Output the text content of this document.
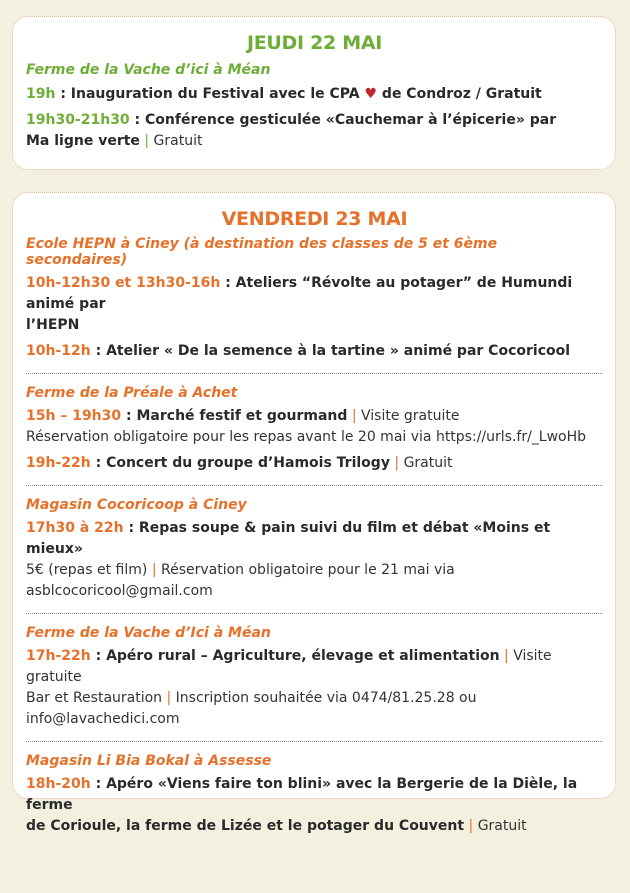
JEUDI 22 MAI

Ferme de la Vache d’ici à Méan

19h : Inauguration du Festival avec le CPA ♥ de Condroz / Gratuit

19h30-21h30 : Conférence gesticulée «Cauchemar à l’épicerie» par
Ma ligne verte | Gratuit

VENDREDI 23 MAI

Ecole HEPN à Ciney (à destination des classes de 5 et 6ème secondaires)

10h-12h30 et 13h30-16h : Ateliers “Révolte au potager” de Humundi animé par
l’HEPN

10h-12h : Atelier « De la semence à la tartine » animé par Cocoricool

Ferme de la Préale à Achet

15h – 19h30 : Marché festif et gourmand | Visite gratuite
Réservation obligatoire pour les repas avant le 20 mai via https://urls.fr/_LwoHb

19h-22h : Concert du groupe d’Hamois Trilogy | Gratuit

Magasin Cocoricoop à Ciney

17h30 à 22h : Repas soupe & pain suivi du film et débat «Moins et mieux»
5€ (repas et film) | Réservation obligatoire pour le 21 mai via
asblcocoricool@gmail.com

Ferme de la Vache d’Ici à Méan

17h-22h : Apéro rural – Agriculture, élevage et alimentation | Visite gratuite
Bar et Restauration | Inscription souhaitée via 0474/81.25.28 ou
info@lavachedici.com

Magasin Li Bia Bokal à Assesse

18h-20h : Apéro «Viens faire ton blini» avec la Bergerie de la Dièle, la ferme
de Corioule, la ferme de Lizée et le potager du Couvent | Gratuit
